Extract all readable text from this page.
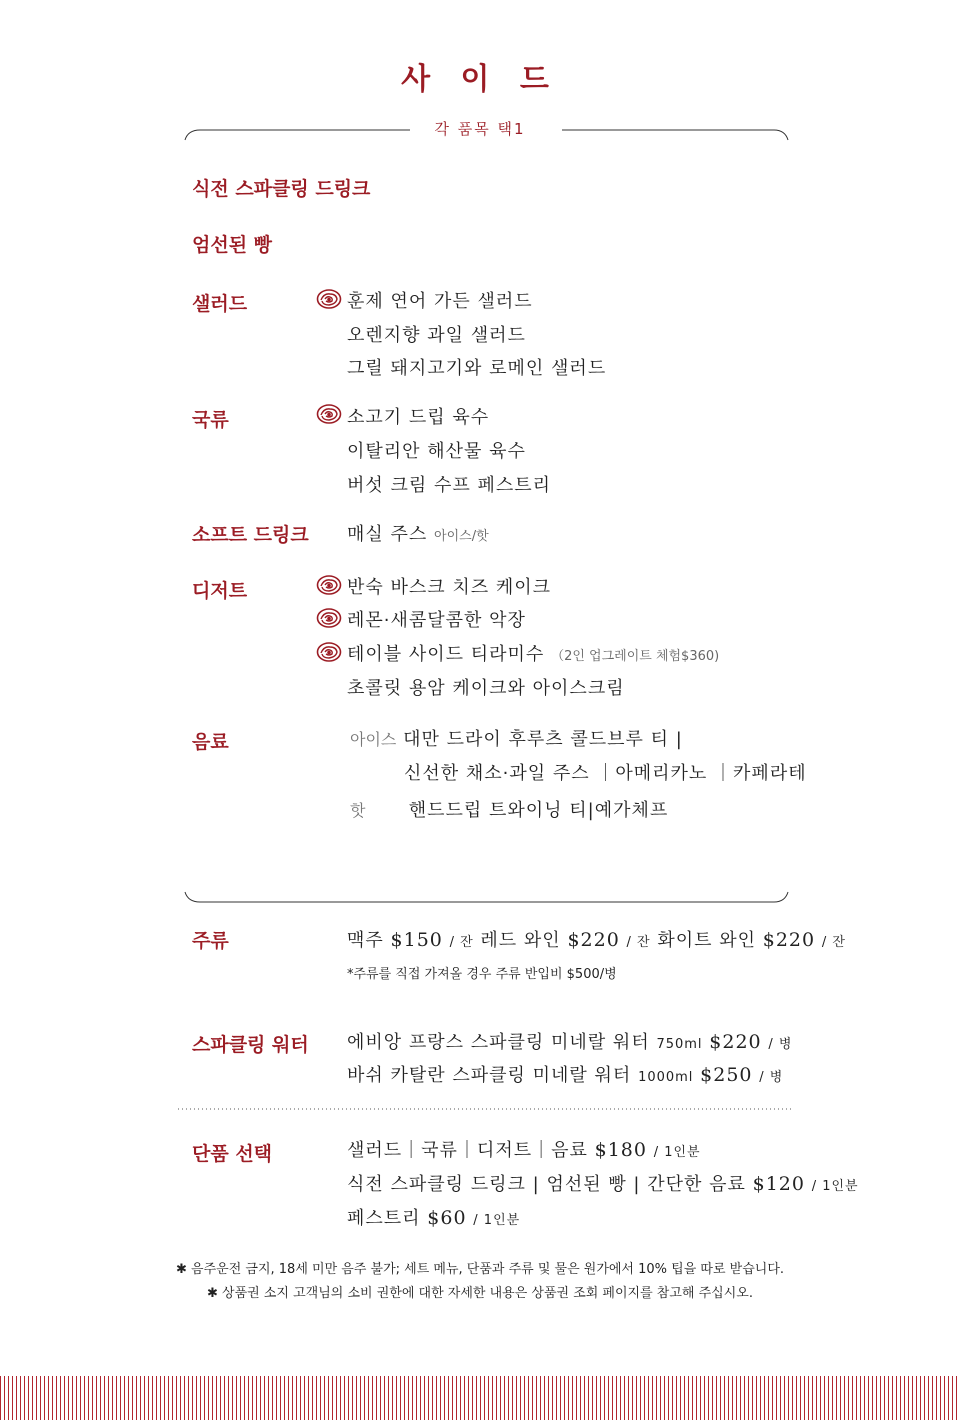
사 이 드
각 품목 택1
식전 스파클링 드링크
엄선된 빵
샐러드	훈제 연어 가든 샐러드
오렌지향 과일 샐러드
그릴 돼지고기와 로메인 샐러드
국류	소고기 드립 육수
이탈리안 해산물 육수
버섯 크림 수프 페스트리
소프트 드링크 매실 주스 아이스/핫
디저트	반숙 바스크 치즈 케이크
레몬·새콤달콤한 악장
테이블 사이드 티라미수 （2인 업그레이트 체험$360)
초콜릿 용암 케이크와 아이스크림
음료	아이스 대만 드라이 후루츠 콜드브루 티 |
신선한 채소·과일 주스 ｜아메리카노 ｜카페라테
핫 핸드드립 트와이닝 티|예가체프
주류	맥주 $150 / 잔 레드 와인 $220 / 잔 화이트 와인 $220 / 잔
*주류를 직접 가져올 경우 주류 반입비 $500/병
스파클링 워터 에비앙 프랑스 스파클링 미네랄 워터 750ml $220 / 병
바쉬 카탈란 스파클링 미네랄 워터 1000ml $250 / 병
단품 선택	샐러드｜국류｜디저트｜음료 $180 / 1인분
식전 스파클링 드링크 | 엄선된 빵 | 간단한 음료 $120 / 1인분
페스트리 $60 / 1인분
✱ 음주운전 금지, 18세 미만 음주 불가; 세트 메뉴, 단품과 주류 및 물은 원가에서 10% 팁을 따로 받습니다.
✱ 상품권 소지 고객님의 소비 권한에 대한 자세한 내용은 상품권 조회 페이지를 참고해 주십시오.
